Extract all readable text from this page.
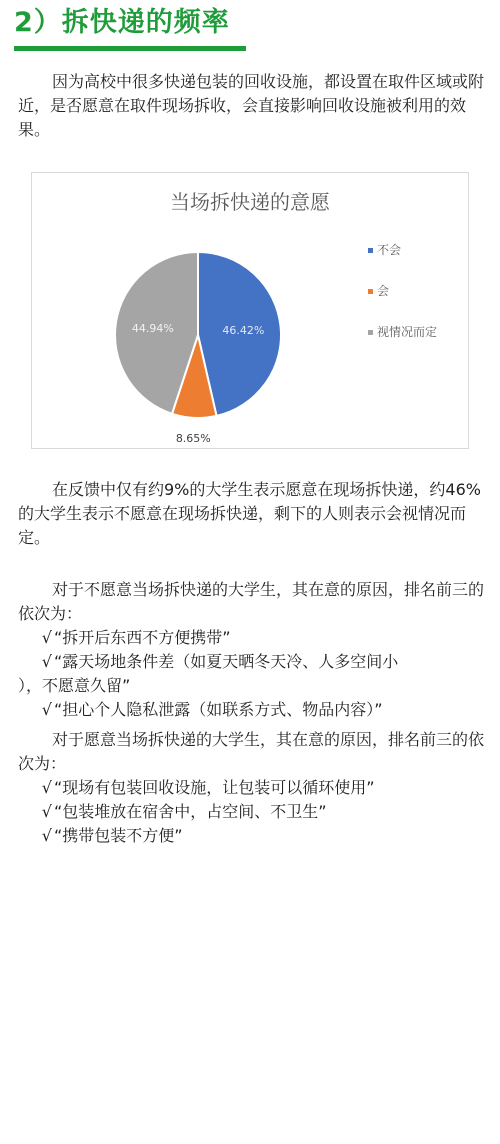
2）拆快递的频率

因为高校中很多快递包装的回收设施，都设置在取件区域或附近，是否愿意在取件现场拆收，会直接影响回收设施被利用的效果。

当场拆快递的意愿
46.42%
8.65%
44.94%
不会
会
视情况而定

在反馈中仅有约9%的大学生表示愿意在现场拆快递，约46%的大学生表示不愿意在现场拆快递，剩下的人则表示会视情况而定。

对于不愿意当场拆快递的大学生，其在意的原因，排名前三的依次为：

√ “拆开后东西不方便携带”
√ “露天场地条件差（如夏天晒冬天冷、人多空间小
），不愿意久留”
√ “担心个人隐私泄露（如联系方式、物品内容）”

对于愿意当场拆快递的大学生，其在意的原因，排名前三的依次为：

√ “现场有包装回收设施，让包装可以循环使用”
√ “包装堆放在宿舍中，占空间、不卫生”
√ “携带包装不方便”
